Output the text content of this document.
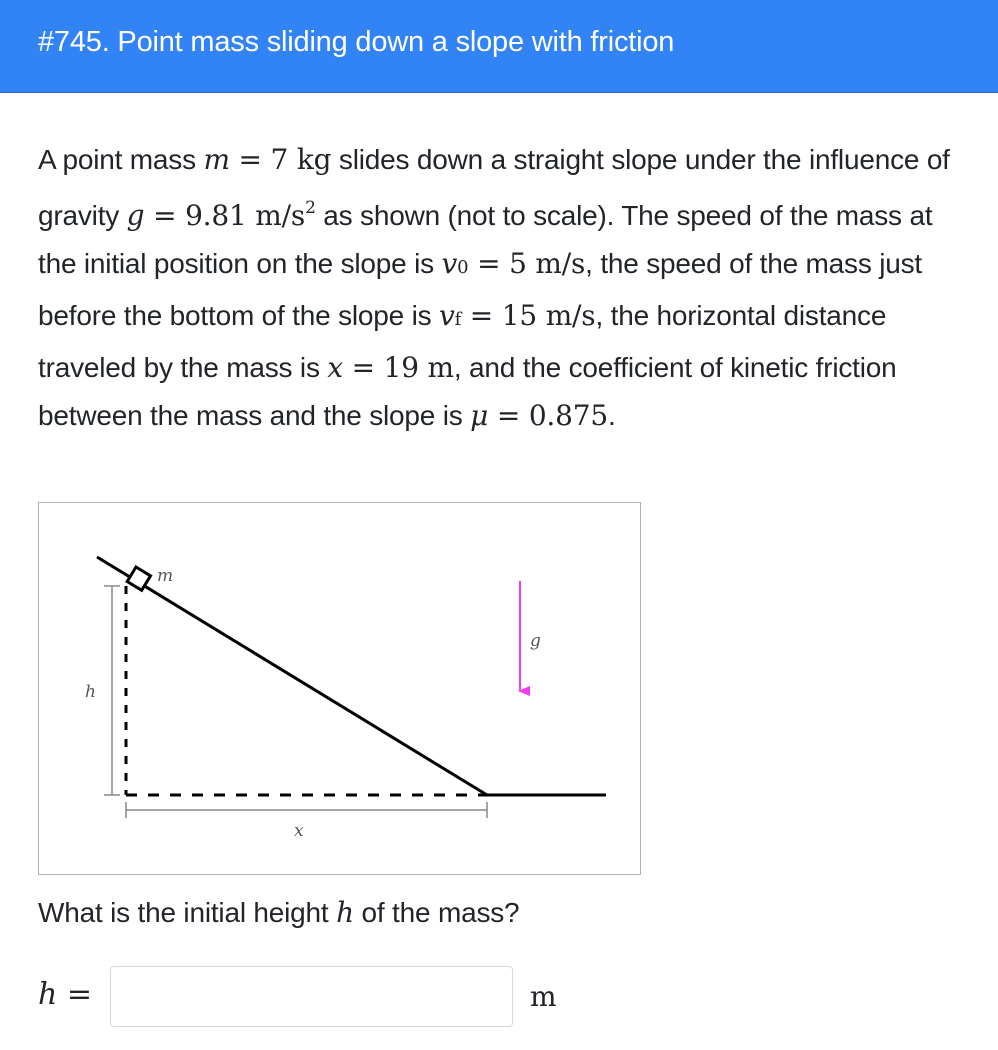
#745. Point mass sliding down a slope with friction

A point mass m = 7 kg slides down a straight slope under the influence of gravity g = 9.81 $m/s^2$ as shown (not to scale). The speed of the mass at the initial position on the slope is v0 = 5 m/s, the speed of the mass just before the bottom of the slope is vf = 15 m/s, the horizontal distance traveled by the mass is x = 19 m, and the coefficient of kinetic friction between the mass and the slope is μ = 0.875.

m
g
h
x
What is the initial height h of the mass?
h =	m
